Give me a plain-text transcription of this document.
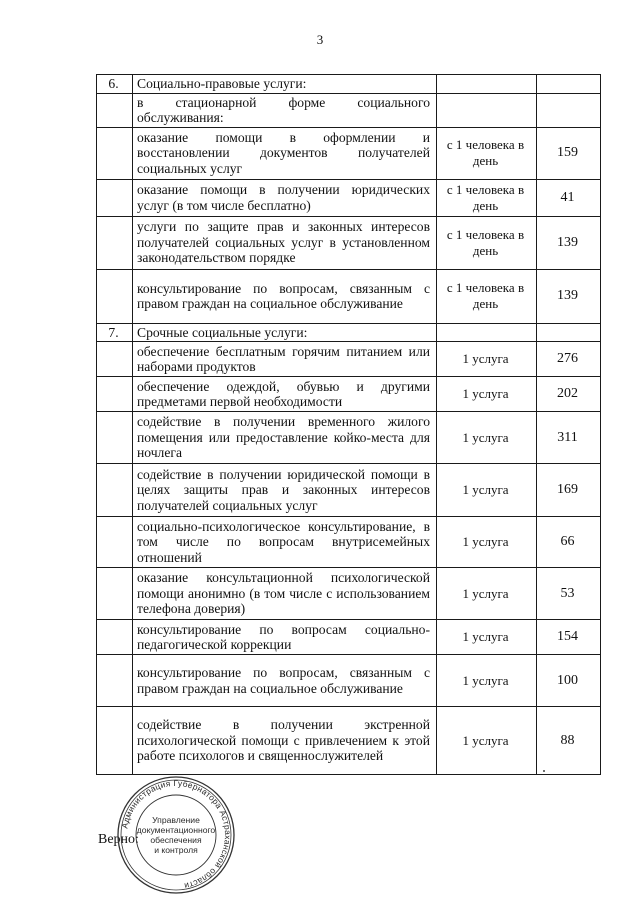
3
6.	Социально-правовые услуги:		
	в стационарной форме социального обслуживания:		
	оказание помощи в оформлении и восстановлении документов получателей социальных услуг	с 1 человека в день	159
	оказание помощи в получении юридических услуг (в том числе бесплатно)	с 1 человека в день	41
	услуги по защите прав и законных интересов получателей социальных услуг в установленном законодательством порядке	с 1 человека в день	139
	консультирование по вопросам, связанным с правом граждан на социальное обслуживание	с 1 человека в день	139
7.	Срочные социальные услуги:		
	обеспечение бесплатным горячим питанием или наборами продуктов	1 услуга	276
	обеспечение одеждой, обувью и другими предметами первой необходимости	1 услуга	202
	содействие в получении временного жилого помещения или предоставление койко-места для ночлега	1 услуга	311
	содействие в получении юридической помощи в целях защиты прав и законных интересов получателей социальных услуг	1 услуга	169
	социально-психологическое консультирование, в том числе по вопросам внутрисемейных отношений	1 услуга	66
	оказание консультационной психологической помощи анонимно (в том числе с использованием телефона доверия)	1 услуга	53
	консультирование по вопросам социально-педагогической коррекции	1 услуга	154
	консультирование по вопросам, связанным с правом граждан на социальное обслуживание	1 услуга	100
	содействие в получении экстренной психологической помощи с привлечением к этой работе психологов и священнослужителей	1 услуга	88
Верно:
Администрация Губернатора Астраханской области
Управление
документационного
обеспечения
и контроля
